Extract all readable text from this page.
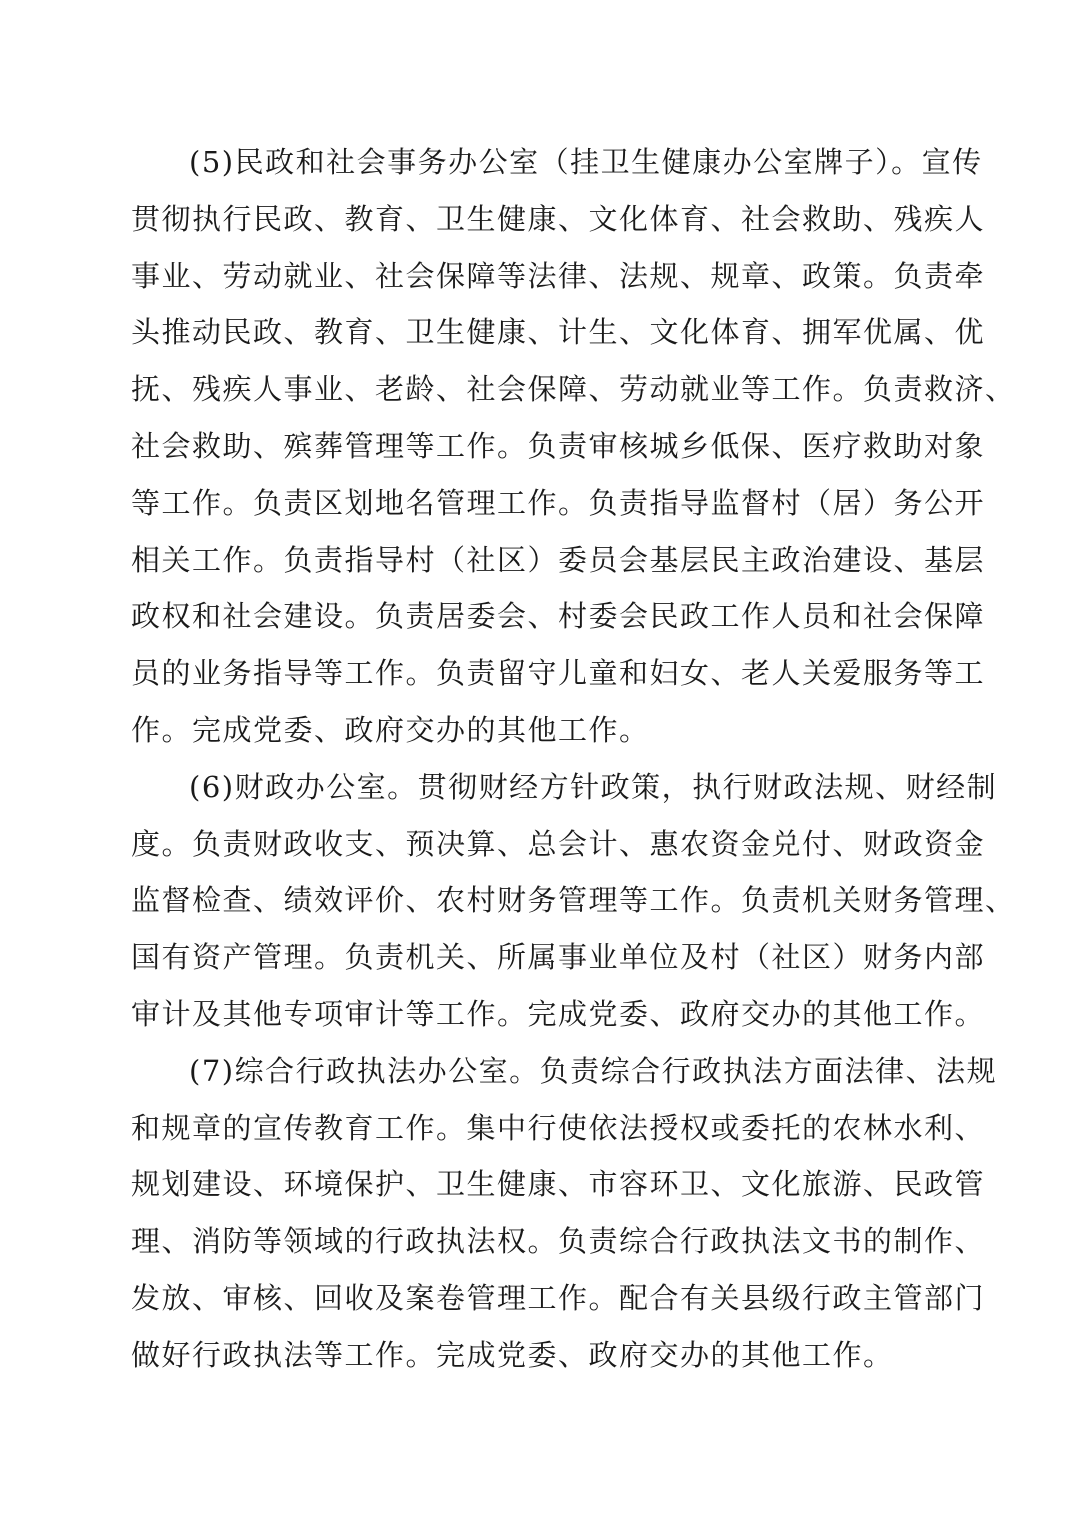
(5)民政和社会事务办公室（挂卫生健康办公室牌子）。宣传
贯彻执行民政、教育、卫生健康、文化体育、社会救助、残疾人
事业、劳动就业、社会保障等法律、法规、规章、政策。负责牵
头推动民政、教育、卫生健康、计生、文化体育、拥军优属、优
抚、残疾人事业、老龄、社会保障、劳动就业等工作。负责救济、
社会救助、殡葬管理等工作。负责审核城乡低保、医疗救助对象
等工作。负责区划地名管理工作。负责指导监督村（居）务公开
相关工作。负责指导村（社区）委员会基层民主政治建设、基层
政权和社会建设。负责居委会、村委会民政工作人员和社会保障
员的业务指导等工作。负责留守儿童和妇女、老人关爱服务等工
作。完成党委、政府交办的其他工作。
(6)财政办公室。贯彻财经方针政策，执行财政法规、财经制
度。负责财政收支、预决算、总会计、惠农资金兑付、财政资金
监督检查、绩效评价、农村财务管理等工作。负责机关财务管理、
国有资产管理。负责机关、所属事业单位及村（社区）财务内部
审计及其他专项审计等工作。完成党委、政府交办的其他工作。
(7)综合行政执法办公室。负责综合行政执法方面法律、法规
和规章的宣传教育工作。集中行使依法授权或委托的农林水利、
规划建设、环境保护、卫生健康、市容环卫、文化旅游、民政管
理、消防等领域的行政执法权。负责综合行政执法文书的制作、
发放、审核、回收及案卷管理工作。配合有关县级行政主管部门
做好行政执法等工作。完成党委、政府交办的其他工作。
